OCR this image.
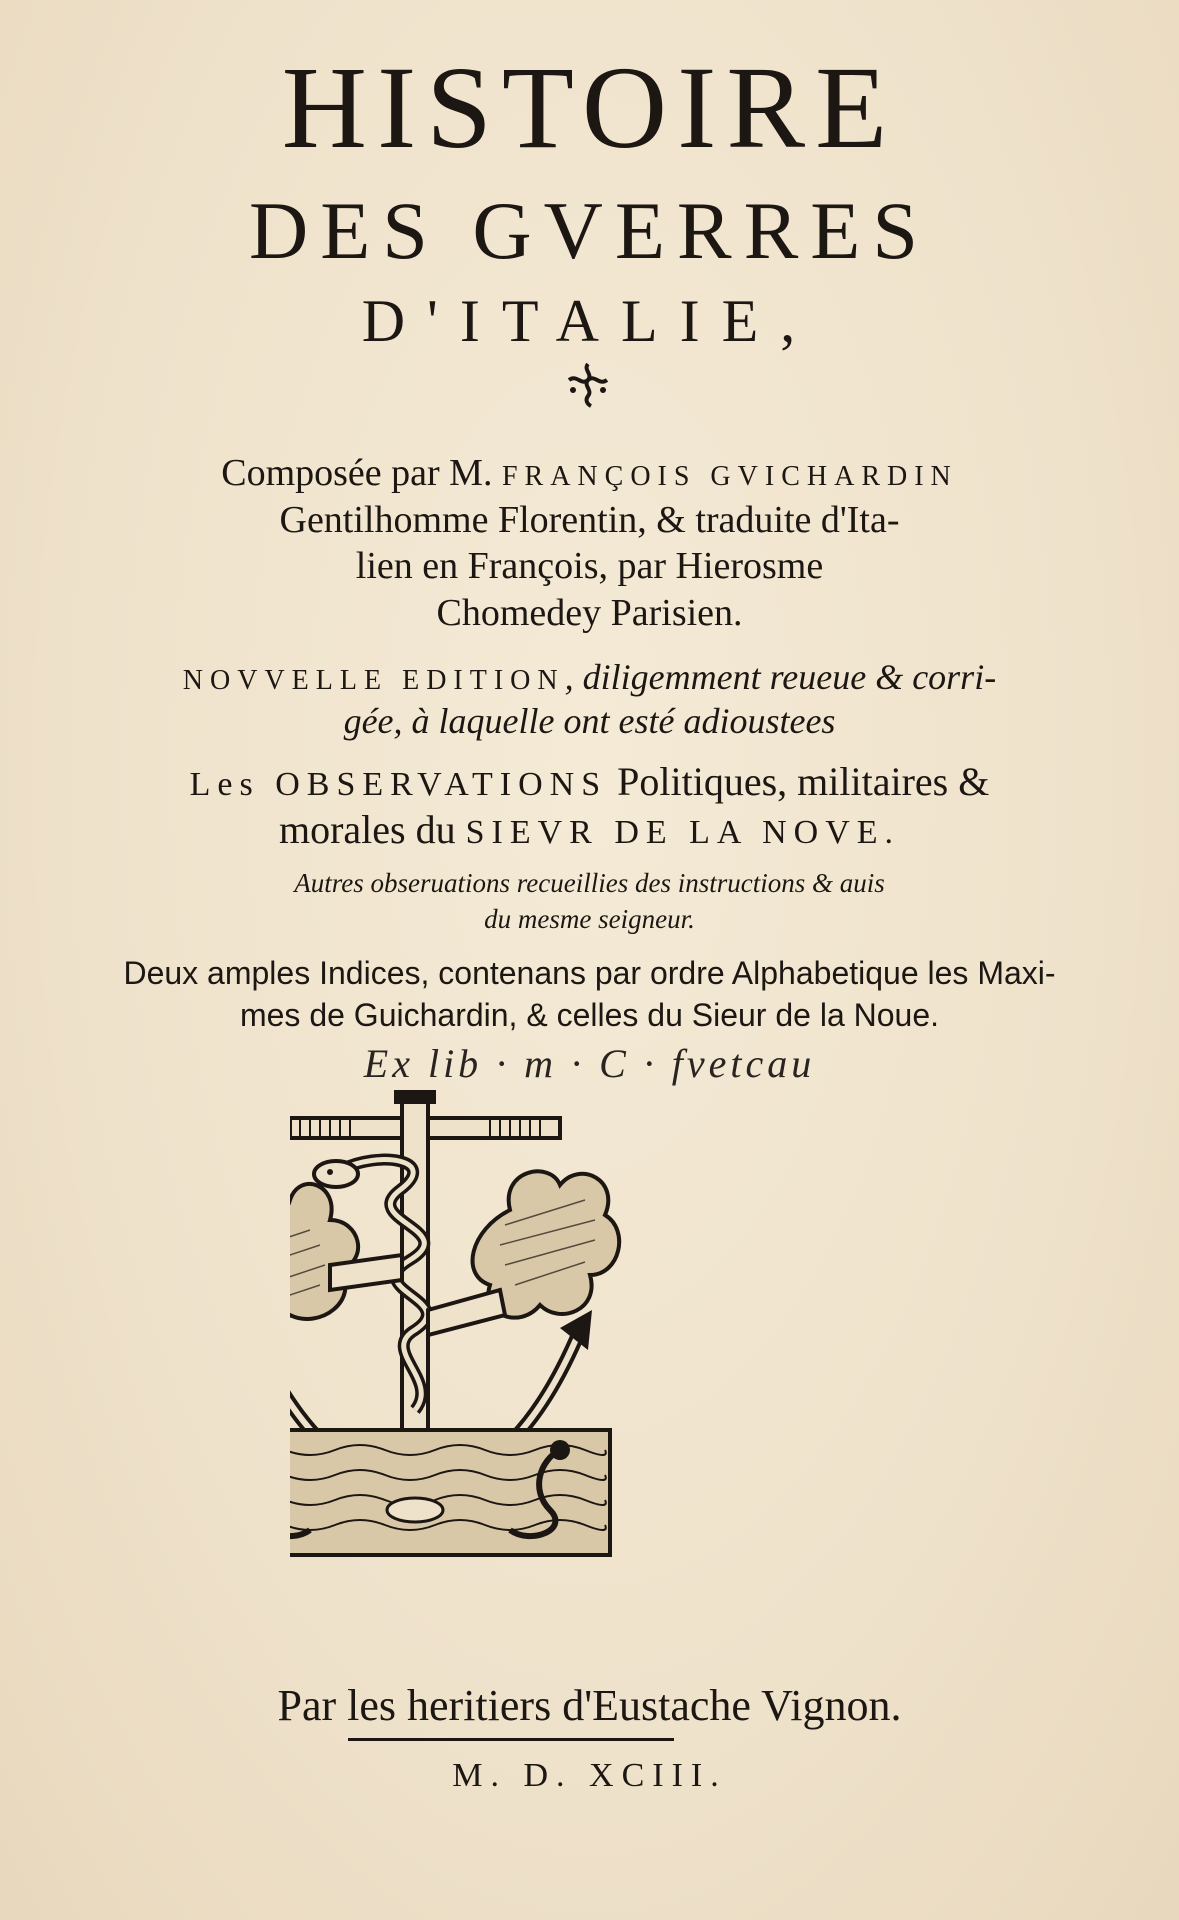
HISTOIRE
DES GVERRES
D'ITALIE,
Composée par M. FRANÇOIS GVICHARDIN
Gentilhomme Florentin, & traduite d'Ita-
lien en François, par Hierosme
Chomedey Parisien.
NOVVELLE EDITION, diligemment reueue & corri-
gée, à laquelle ont esté adioustees
Les OBSERVATIONS Politiques, militaires &
morales du SIEVR DE LA NOVE.
Autres obseruations recueillies des instructions & auis
du mesme seigneur.
Deux amples Indices, contenans par ordre Alphabetique les Maxi-
mes de Guichardin, & celles du Sieur de la Noue.
Ex lib · m · C · fvetcau
Par les heritiers d'Eustache Vignon.
M. D. XCIII.
